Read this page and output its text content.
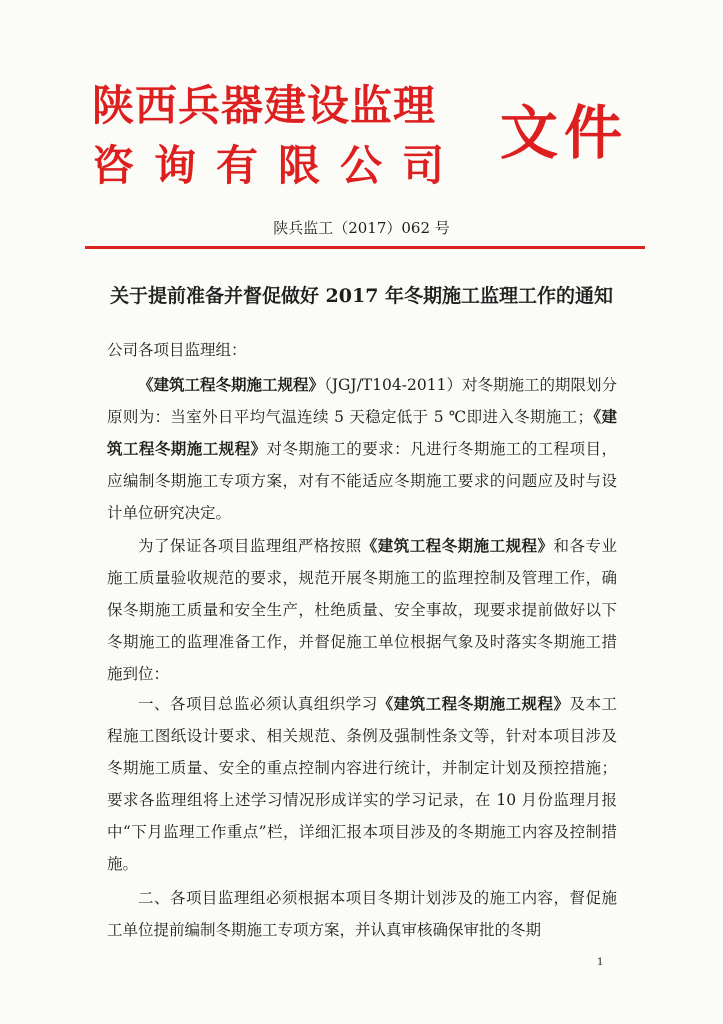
陕西兵器建设监理
咨询有限公司 文件
陕兵监工（2017）062 号
关于提前准备并督促做好 2017 年冬期施工监理工作的通知
公司各项目监理组：
《建筑工程冬期施工规程》（JGJ/T104-2011）对冬期施工的期限划分原则为：当室外日平均气温连续 5 天稳定低于 5 ℃即进入冬期施工；《建筑工程冬期施工规程》对冬期施工的要求：凡进行冬期施工的工程项目，应编制冬期施工专项方案，对有不能适应冬期施工要求的问题应及时与设计单位研究决定。
为了保证各项目监理组严格按照《建筑工程冬期施工规程》和各专业施工质量验收规范的要求，规范开展冬期施工的监理控制及管理工作，确保冬期施工质量和安全生产，杜绝质量、安全事故，现要求提前做好以下冬期施工的监理准备工作，并督促施工单位根据气象及时落实冬期施工措施到位：
一、各项目总监必须认真组织学习《建筑工程冬期施工规程》及本工程施工图纸设计要求、相关规范、条例及强制性条文等，针对本项目涉及冬期施工质量、安全的重点控制内容进行统计，并制定计划及预控措施；要求各监理组将上述学习情况形成详实的学习记录，在 10 月份监理月报中“下月监理工作重点”栏，详细汇报本项目涉及的冬期施工内容及控制措施。
二、各项目监理组必须根据本项目冬期计划涉及的施工内容，督促施工单位提前编制冬期施工专项方案，并认真审核确保审批的冬期
1
